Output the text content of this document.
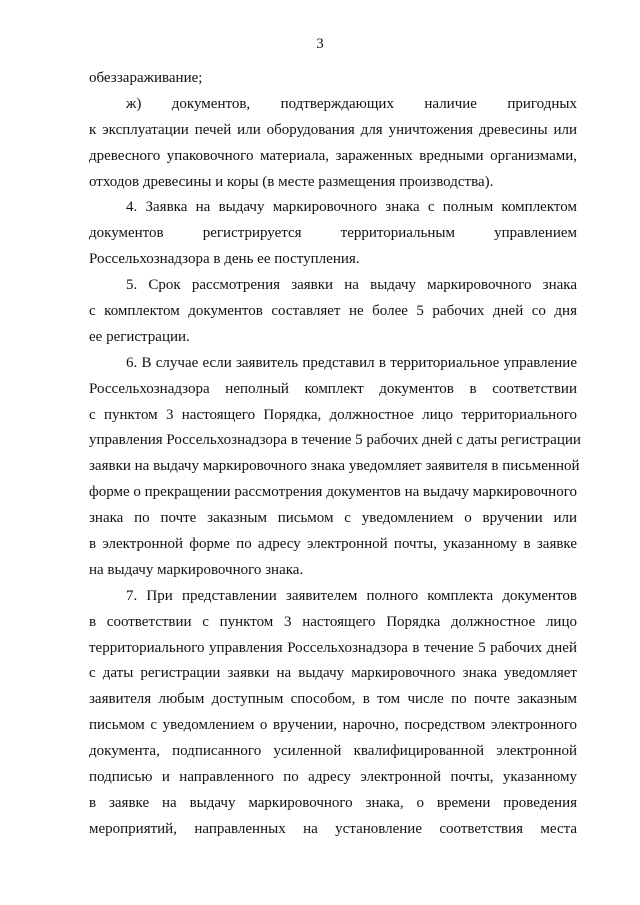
3
обеззараживание;
ж) документов, подтверждающих наличие пригодных
к эксплуатации печей или оборудования для уничтожения древесины или
древесного упаковочного материала, зараженных вредными организмами,
отходов древесины и коры (в месте размещения производства).
4. Заявка на выдачу маркировочного знака с полным комплектом
документов регистрируется территориальным управлением
Россельхознадзора в день ее поступления.
5. Срок рассмотрения заявки на выдачу маркировочного знака
с комплектом документов составляет не более 5 рабочих дней со дня
ее регистрации.
6. В случае если заявитель представил в территориальное управление
Россельхознадзора неполный комплект документов в соответствии
с пунктом 3 настоящего Порядка, должностное лицо территориального
управления Россельхознадзора в течение 5 рабочих дней с даты регистрации
заявки на выдачу маркировочного знака уведомляет заявителя в письменной
форме о прекращении рассмотрения документов на выдачу маркировочного
знака по почте заказным письмом с уведомлением о вручении или
в электронной форме по адресу электронной почты, указанному в заявке
на выдачу маркировочного знака.
7. При представлении заявителем полного комплекта документов
в соответствии с пунктом 3 настоящего Порядка должностное лицо
территориального управления Россельхознадзора в течение 5 рабочих дней
с даты регистрации заявки на выдачу маркировочного знака уведомляет
заявителя любым доступным способом, в том числе по почте заказным
письмом с уведомлением о вручении, нарочно, посредством электронного
документа, подписанного усиленной квалифицированной электронной
подписью и направленного по адресу электронной почты, указанному
в заявке на выдачу маркировочного знака, о времени проведения
мероприятий, направленных на установление соответствия места
